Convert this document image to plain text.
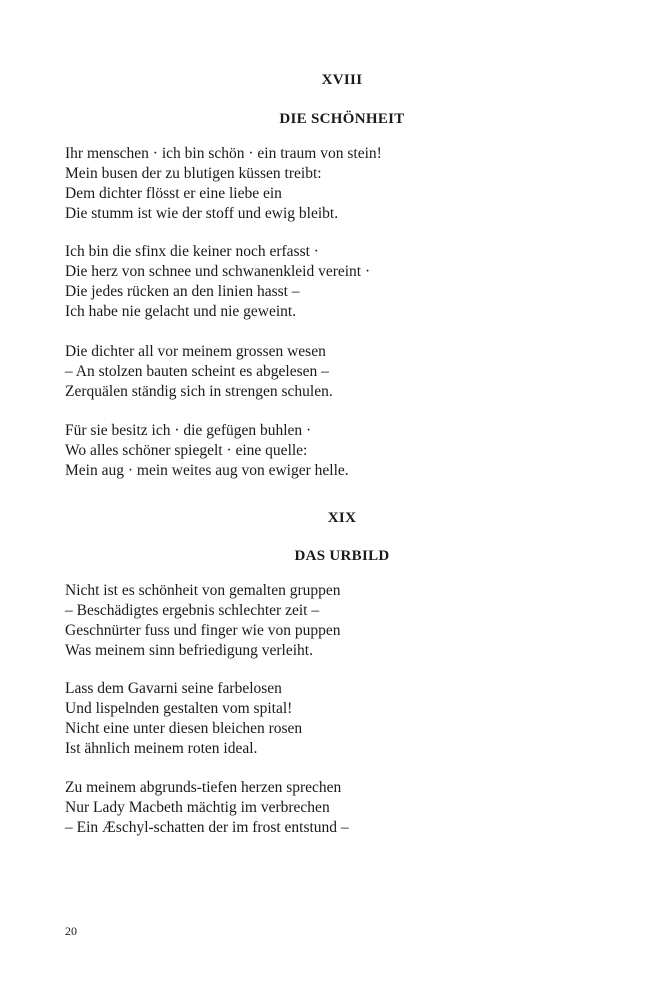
XVIII
DIE SCHÖNHEIT
Ihr menschen · ich bin schön · ein traum von stein!
Mein busen der zu blutigen küssen treibt:
Dem dichter flösst er eine liebe ein
Die stumm ist wie der stoff und ewig bleibt.
Ich bin die sfinx die keiner noch erfasst ·
Die herz von schnee und schwanenkleid vereint ·
Die jedes rücken an den linien hasst –
Ich habe nie gelacht und nie geweint.
Die dichter all vor meinem grossen wesen
– An stolzen bauten scheint es abgelesen –
Zerquälen ständig sich in strengen schulen.
Für sie besitz ich · die gefügen buhlen ·
Wo alles schöner spiegelt · eine quelle:
Mein aug · mein weites aug von ewiger helle.
XIX
DAS URBILD
Nicht ist es schönheit von gemalten gruppen
– Beschädigtes ergebnis schlechter zeit –
Geschnürter fuss und finger wie von puppen
Was meinem sinn befriedigung verleiht.
Lass dem Gavarni seine farbelosen
Und lispelnden gestalten vom spital!
Nicht eine unter diesen bleichen rosen
Ist ähnlich meinem roten ideal.
Zu meinem abgrunds-tiefen herzen sprechen
Nur Lady Macbeth mächtig im verbrechen
– Ein Æschyl-schatten der im frost entstund –
20
